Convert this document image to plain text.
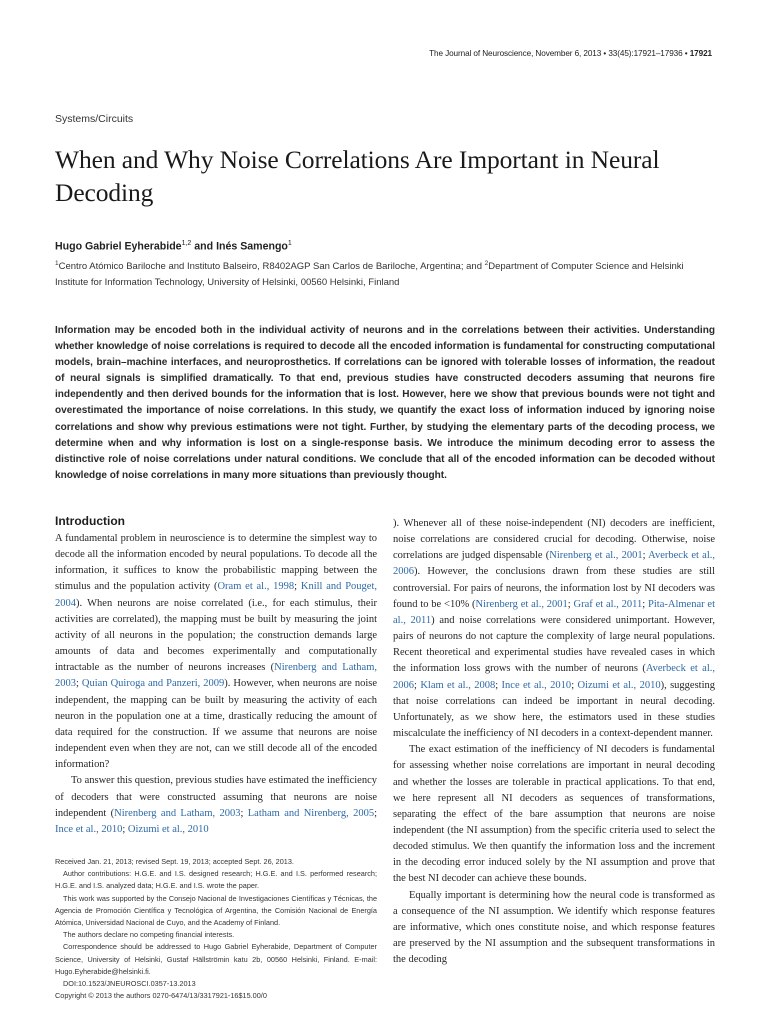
The Journal of Neuroscience, November 6, 2013 • 33(45):17921–17936 • 17921
Systems/Circuits
When and Why Noise Correlations Are Important in Neural Decoding
Hugo Gabriel Eyherabide$^{1,2}$ and Inés Samengo$^1$
$^1$Centro Atómico Bariloche and Instituto Balseiro, R8402AGP San Carlos de Bariloche, Argentina; and $^2$Department of Computer Science and Helsinki Institute for Information Technology, University of Helsinki, 00560 Helsinki, Finland

Information may be encoded both in the individual activity of neurons and in the correlations between their activities. Understanding whether knowledge of noise correlations is required to decode all the encoded information is fundamental for constructing computational models, brain–machine interfaces, and neuroprosthetics. If correlations can be ignored with tolerable losses of information, the readout of neural signals is simplified dramatically. To that end, previous studies have constructed decoders assuming that neurons fire independently and then derived bounds for the information that is lost. However, here we show that previous bounds were not tight and overestimated the importance of noise correlations. In this study, we quantify the exact loss of information induced by ignoring noise correlations and show why previous estimations were not tight. Further, by studying the elementary parts of the decoding process, we determine when and why information is lost on a single-response basis. We introduce the minimum decoding error to assess the distinctive role of noise correlations under natural conditions. We conclude that all of the encoded information can be decoded without knowledge of noise correlations in many more situations than previously thought.

Introduction

A fundamental problem in neuroscience is to determine the simplest way to decode all the information encoded by neural populations. To decode all the information, it suffices to know the probabilistic mapping between the stimulus and the population activity (Oram et al., 1998; Knill and Pouget, 2004). When neurons are noise correlated (i.e., for each stimulus, their activities are correlated), the mapping must be built by measuring the joint activity of all neurons in the population; the construction demands large amounts of data and becomes experimentally and computationally intractable as the number of neurons increases (Nirenberg and Latham, 2003; Quian Quiroga and Panzeri, 2009). However, when neurons are noise independent, the mapping can be built by measuring the activity of each neuron in the population one at a time, drastically reducing the amount of data required for the construction. If we assume that neurons are noise independent even when they are not, can we still decode all of the encoded information?

To answer this question, previous studies have estimated the inefficiency of decoders that were constructed assuming that neurons are noise independent (Nirenberg and Latham, 2003; Latham and Nirenberg, 2005; Ince et al., 2010; Oizumi et al., 2010

). Whenever all of these noise-independent (NI) decoders are inefficient, noise correlations are considered crucial for decoding. Otherwise, noise correlations are judged dispensable (Nirenberg et al., 2001; Averbeck et al., 2006). However, the conclusions drawn from these studies are still controversial. For pairs of neurons, the information lost by NI decoders was found to be <10% (Nirenberg et al., 2001; Graf et al., 2011; Pita-Almenar et al., 2011) and noise correlations were considered unimportant. However, pairs of neurons do not capture the complexity of large neural populations. Recent theoretical and experimental studies have revealed cases in which the information loss grows with the number of neurons (Averbeck et al., 2006; Klam et al., 2008; Ince et al., 2010; Oizumi et al., 2010), suggesting that noise correlations can indeed be important in neural decoding. Unfortunately, as we show here, the estimators used in these studies miscalculate the inefficiency of NI decoders in a context-dependent manner.

The exact estimation of the inefficiency of NI decoders is fundamental for assessing whether noise correlations are important in neural decoding and whether the losses are tolerable in practical applications. To that end, we here represent all NI decoders as sequences of transformations, separating the effect of the bare assumption that neurons are noise independent (the NI assumption) from the specific criteria used to select the decoded stimulus. We then quantify the information loss and the increment in the decoding error induced solely by the NI assumption and prove that the best NI decoder can achieve these bounds.

Equally important is determining how the neural code is transformed as a consequence of the NI assumption. We identify which response features are informative, which ones constitute noise, and which response features are preserved by the NI assumption and the subsequent transformations in the decoding

Received Jan. 21, 2013; revised Sept. 19, 2013; accepted Sept. 26, 2013.

Author contributions: H.G.E. and I.S. designed research; H.G.E. and I.S. performed research; H.G.E. and I.S. analyzed data; H.G.E. and I.S. wrote the paper.

This work was supported by the Consejo Nacional de Investigaciones Científicas y Técnicas, the Agencia de Promoción Científica y Tecnológica of Argentina, the Comisión Nacional de Energía Atómica, Universidad Nacional de Cuyo, and the Academy of Finland.

The authors declare no competing financial interests.

Correspondence should be addressed to Hugo Gabriel Eyherabide, Department of Computer Science, University of Helsinki, Gustaf Hällströmin katu 2b, 00560 Helsinki, Finland. E-mail: Hugo.Eyherabide@helsinki.fi.

DOI:10.1523/JNEUROSCI.0357-13.2013

Copyright © 2013 the authors 0270-6474/13/3317921-16$15.00/0
